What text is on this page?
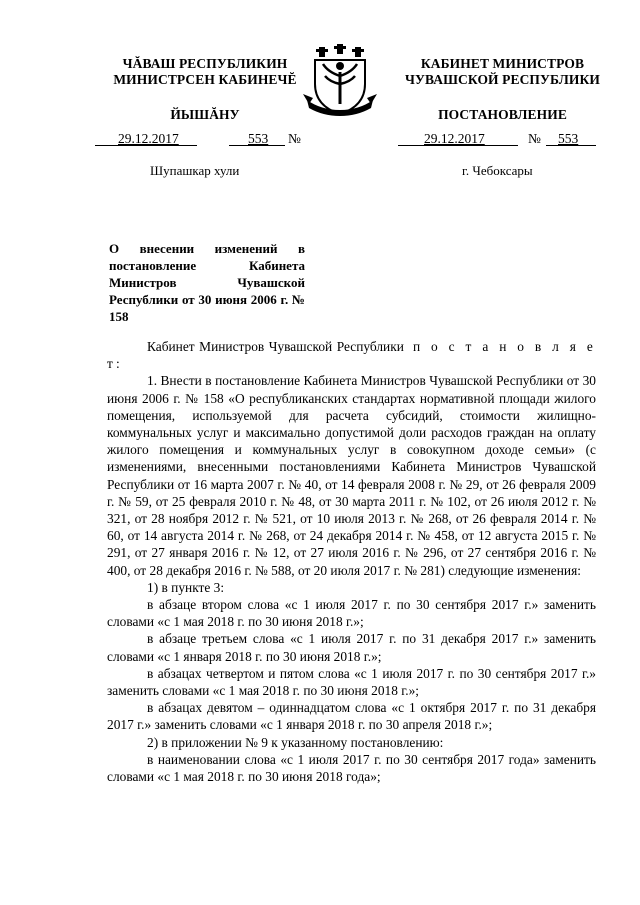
ЧĂВАШ РЕСПУБЛИКИН
МИНИСТРСЕН КАБИНЕЧĔ
ЙЫШĂНУ
КАБИНЕТ МИНИСТРОВ
ЧУВАШСКОЙ РЕСПУБЛИКИ
ПОСТАНОВЛЕНИЕ
29.12.2017	553 №	29.12.2017	№ 553
Шупашкар хули	г. Чебоксары
О внесении изменений в постановление Кабинета Министров Чувашской Республики от 30 июня 2006 г. № 158

Кабинет Министров Чувашской Республики п о с т а н о в л я е т:

1. Внести в постановление Кабинета Министров Чувашской Республики от 30 июня 2006 г. № 158 «О республиканских стандартах нормативной площади жилого помещения, используемой для расчета субсидий, стоимости жилищно-коммунальных услуг и максимально допустимой доли расходов граждан на оплату жилого помещения и коммунальных услуг в совокупном доходе семьи» (с изменениями, внесенными постановлениями Кабинета Министров Чувашской Республики от 16 марта 2007 г. № 40, от 14 февраля 2008 г. № 29, от 26 февраля 2009 г. № 59, от 25 февраля 2010 г. № 48, от 30 марта 2011 г. № 102, от 26 июля 2012 г. № 321, от 28 ноября 2012 г. № 521, от 10 июля 2013 г. № 268, от 26 февраля 2014 г. № 60, от 14 августа 2014 г. № 268, от 24 декабря 2014 г. № 458, от 12 августа 2015 г. № 291, от 27 января 2016 г. № 12, от 27 июля 2016 г. № 296, от 27 сентября 2016 г. № 400, от 28 декабря 2016 г. № 588, от 20 июля 2017 г. № 281) следующие изменения:

1) в пункте 3:

в абзаце втором слова «с 1 июля 2017 г. по 30 сентября 2017 г.» заменить словами «с 1 мая 2018 г. по 30 июня 2018 г.»;

в абзаце третьем слова «с 1 июля 2017 г. по 31 декабря 2017 г.» заменить словами «с 1 января 2018 г. по 30 июня 2018 г.»;

в абзацах четвертом и пятом слова «с 1 июля 2017 г. по 30 сентября 2017 г.» заменить словами «с 1 мая 2018 г. по 30 июня 2018 г.»;

в абзацах девятом – одиннадцатом слова «с 1 октября 2017 г. по 31 декабря 2017 г.» заменить словами «с 1 января 2018 г. по 30 апреля 2018 г.»;

2) в приложении № 9 к указанному постановлению:

в наименовании слова «с 1 июля 2017 г. по 30 сентября 2017 года» заменить словами «с 1 мая 2018 г. по 30 июня 2018 года»;
